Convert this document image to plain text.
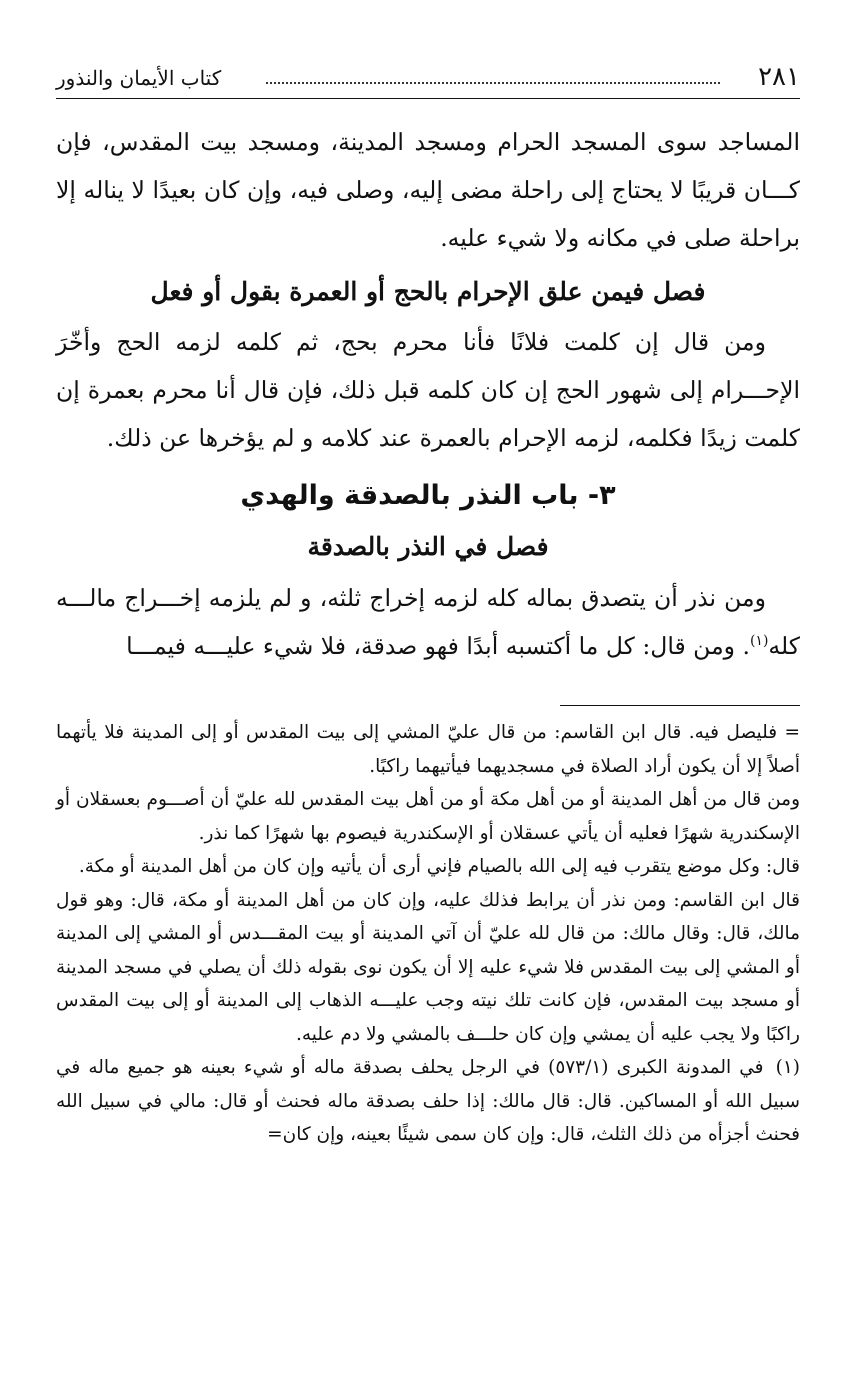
٢٨١
كتاب الأيمان والنذور

المساجد سوى المسجد الحرام ومسجد المدينة، ومسجد بيت المقدس، فإن كـــان قريبًا لا يحتاج إلى راحلة مضى إليه، وصلى فيه، وإن كان بعيدًا لا يناله إلا براحلة صلى في مكانه ولا شيء عليه.

فصل فيمن علق الإحرام بالحج أو العمرة بقول أو فعل

ومن قال إن كلمت فلانًا فأنا محرم بحج، ثم كلمه لزمه الحج وأخّرَ الإحـــرام إلى شهور الحج إن كان كلمه قبل ذلك، فإن قال أنا محرم بعمرة إن كلمت زيدًا فكلمه، لزمه الإحرام بالعمرة عند كلامه و لم يؤخرها عن ذلك.

٣- باب النذر بالصدقة والهدي
فصل في النذر بالصدقة

ومن نذر أن يتصدق بماله كله لزمه إخراج ثلثه، و لم يلزمه إخـــراج مالـــه كله$^{(١)}$. ومن قال: كل ما أكتسبه أبدًا فهو صدقة، فلا شيء عليـــه فيمـــا

= فليصل فيه. قال ابن القاسم: من قال عليّ المشي إلى بيت المقدس أو إلى المدينة فلا يأتهما أصلاً إلا أن يكون أراد الصلاة في مسجديهما فيأتيهما راكبًا.

ومن قال من أهل المدينة أو من أهل مكة أو من أهل بيت المقدس لله عليّ أن أصـــوم بعسقلان أو الإسكندرية شهرًا فعليه أن يأتي عسقلان أو الإسكندرية فيصوم بها شهرًا كما نذر.

قال: وكل موضع يتقرب فيه إلى الله بالصيام فإني أرى أن يأتيه وإن كان من أهل المدينة أو مكة.

قال ابن القاسم: ومن نذر أن يرابط فذلك عليه، وإن كان من أهل المدينة أو مكة، قال: وهو قول مالك، قال: وقال مالك: من قال لله عليّ أن آتي المدينة أو بيت المقـــدس أو المشي إلى المدينة أو المشي إلى بيت المقدس فلا شيء عليه إلا أن يكون نوى بقوله ذلك أن يصلي في مسجد المدينة أو مسجد بيت المقدس، فإن كانت تلك نيته وجب عليـــه الذهاب إلى المدينة أو إلى بيت المقدس راكبًا ولا يجب عليه أن يمشي وإن كان حلـــف بالمشي ولا دم عليه.

(١) في المدونة الكبرى (٥٧٣/١) في الرجل يحلف بصدقة ماله أو شيء بعينه هو جميع ماله في سبيل الله أو المساكين. قال: قال مالك: إذا حلف بصدقة ماله فحنث أو قال: مالي في سبيل الله فحنث أجزأه من ذلك الثلث، قال: وإن كان سمى شيئًا بعينه، وإن كان=
